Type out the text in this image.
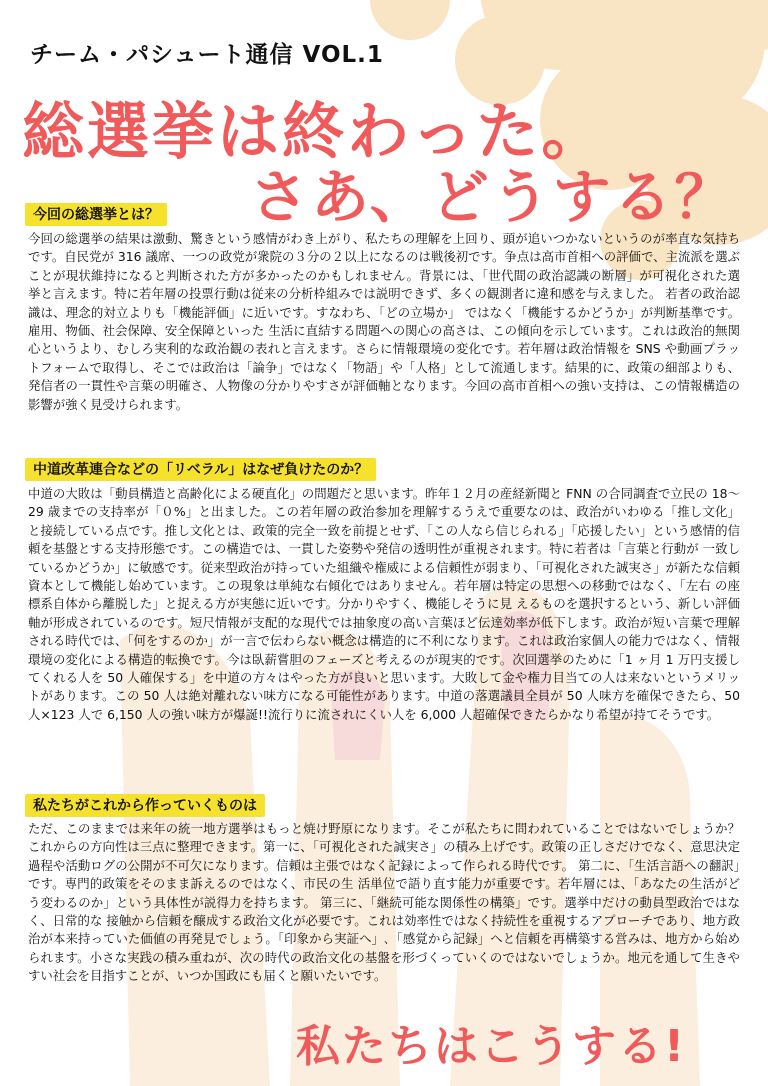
チーム・パシュート通信 VOL.1
総選挙は終わった。
さあ、どうする？
今回の総選挙とは？
今回の総選挙の結果は激動、驚きという感情がわき上がり、私たちの理解を上回り、頭が追いつかないというのが率直な気持ちです。自民党が 316 議席、一つの政党が衆院の３分の２以上になるのは戦後初です。争点は高市首相への評価で、主流派を選ぶことが現状維持になると判断された方が多かったのかもしれません。背景には、「世代間の政治認識の断層」が可視化された選挙と言えます。特に若年層の投票行動は従来の分析枠組みでは説明できず、多くの観測者に違和感を与えました。 若者の政治認識は、理念的対立よりも「機能評価」に近いです。すなわち、「どの立場か」 ではなく「機能するかどうか」が判断基準です。雇用、物価、社会保障、安全保障といった 生活に直結する問題への関心の高さは、この傾向を示しています。これは政治的無関心というより、むしろ実利的な政治観の表れと言えます。さらに情報環境の変化です。若年層は政治情報を SNS や動画プラットフォームで取得し、そこでは政治は「論争」ではなく「物語」や「人格」として流通します。結果的に、政策の細部よりも、発信者の一貫性や言葉の明確さ、人物像の分かりやすさが評価軸となります。今回の高市首相への強い支持は、この情報構造の影響が強く見受けられます。
中道改革連合などの「リベラル」はなぜ負けたのか？
中道の大敗は「動員構造と高齢化による硬直化」の問題だと思います。昨年１２月の産経新聞と FNN の合同調査で立民の 18〜29 歳までの支持率が「０%」と出ました。この若年層の政治参加を理解するうえで重要なのは、政治がいわゆる「推し文化」と接続している点です。推し文化とは、政策的完全一致を前提とせず、「この人なら信じられる」「応援したい」という感情的信頼を基盤とする支持形態です。この構造では、一貫した姿勢や発信の透明性が重視されます。特に若者は「言葉と行動が 一致しているかどうか」に敏感です。従来型政治が持っていた組織や権威による信頼性が弱まり、「可視化された誠実さ」が新たな信頼資本として機能し始めています。この現象は単純な右傾化ではありません。若年層は特定の思想への移動ではなく、「左右 の座標系自体から離脱した」と捉える方が実態に近いです。分かりやすく、機能しそうに見 えるものを選択するという、新しい評価軸が形成されているのです。短尺情報が支配的な現代では抽象度の高い言葉ほど伝達効率が低下します。政治が短い言葉で理解される時代では、「何をするのか」が一言で伝わらない概念は構造的に不利になります。これは政治家個人の能力ではなく、情報環境の変化による構造的転換です。今は臥薪嘗胆のフェーズと考えるのが現実的です。次回選挙のために「1 ヶ月 1 万円支援してくれる人を 50 人確保する」を中道の方々はやった方が良いと思います。大敗して金や権力目当ての人は来ないというメリットがあります。この 50 人は絶対離れない味方になる可能性があります。中道の落選議員全員が 50 人味方を確保できたら、50 人×123 人で 6,150 人の強い味方が爆誕!!流行りに流されにくい人を 6,000 人超確保できたらかなり希望が持てそうです。
私たちがこれから作っていくものは
ただ、このままでは来年の統一地方選挙はもっと焼け野原になります。そこが私たちに問われていることではないでしょうか？ これからの方向性は三点に整理できます。第一に、「可視化された誠実さ」の積み上げです。政策の正しさだけでなく、意思決定過程や活動ログの公開が不可欠になります。信頼は主張ではなく記録によって作られる時代です。 第二に、「生活言語への翻訳」です。専門的政策をそのまま訴えるのではなく、市民の生 活単位で語り直す能力が重要です。若年層には、「あなたの生活がどう変わるのか」という具体性が説得力を持ちます。 第三に、「継続可能な関係性の構築」です。選挙中だけの動員型政治ではなく、日常的な 接触から信頼を醸成する政治文化が必要です。これは効率性ではなく持続性を重視するアプローチであり、地方政治が本来持っていた価値の再発見でしょう。「印象から実証へ」､「感覚から記録」へと信頼を再構築する営みは、地方から始められます。小さな実践の積み重ねが、次の時代の政治文化の基盤を形づくっていくのではないでしょうか。地元を通して生きやすい社会を目指すことが、いつか国政にも届くと願いたいです。
私たちはこうする!
